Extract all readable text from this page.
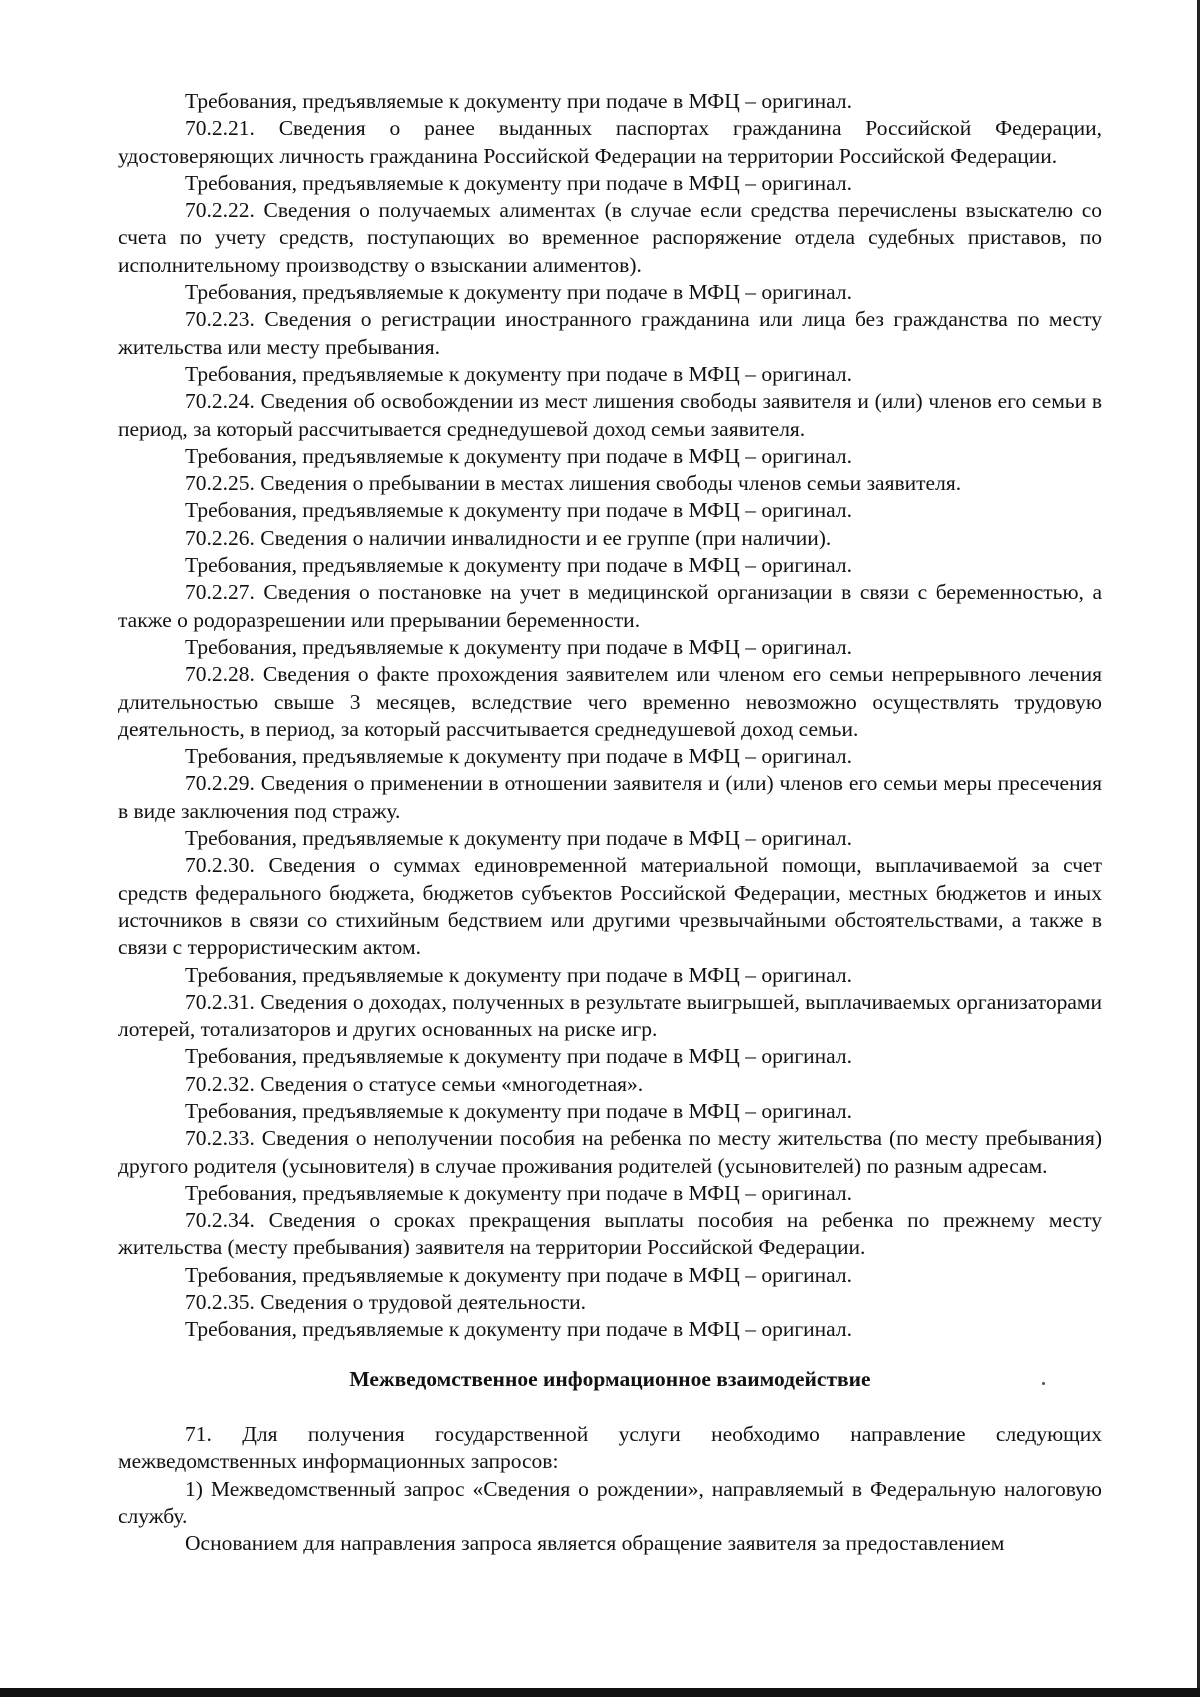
Требования, предъявляемые к документу при подаче в МФЦ – оригинал.

70.2.21. Сведения о ранее выданных паспортах гражданина Российской Федерации, удостоверяющих личность гражданина Российской Федерации на территории Российской Федерации.

Требования, предъявляемые к документу при подаче в МФЦ – оригинал.

70.2.22. Сведения о получаемых алиментах (в случае если средства перечислены взыскателю со счета по учету средств, поступающих во временное распоряжение отдела судебных приставов, по исполнительному производству о взыскании алиментов).

Требования, предъявляемые к документу при подаче в МФЦ – оригинал.

70.2.23. Сведения о регистрации иностранного гражданина или лица без гражданства по месту жительства или месту пребывания.

Требования, предъявляемые к документу при подаче в МФЦ – оригинал.

70.2.24. Сведения об освобождении из мест лишения свободы заявителя и (или) членов его семьи в период, за который рассчитывается среднедушевой доход семьи заявителя.

Требования, предъявляемые к документу при подаче в МФЦ – оригинал.

70.2.25. Сведения о пребывании в местах лишения свободы членов семьи заявителя.

Требования, предъявляемые к документу при подаче в МФЦ – оригинал.

70.2.26. Сведения о наличии инвалидности и ее группе (при наличии).

Требования, предъявляемые к документу при подаче в МФЦ – оригинал.

70.2.27. Сведения о постановке на учет в медицинской организации в связи с беременностью, а также о родоразрешении или прерывании беременности.

Требования, предъявляемые к документу при подаче в МФЦ – оригинал.

70.2.28. Сведения о факте прохождения заявителем или членом его семьи непрерывного лечения длительностью свыше 3 месяцев, вследствие чего временно невозможно осуществлять трудовую деятельность, в период, за который рассчитывается среднедушевой доход семьи.

Требования, предъявляемые к документу при подаче в МФЦ – оригинал.

70.2.29. Сведения о применении в отношении заявителя и (или) членов его семьи меры пресечения в виде заключения под стражу.

Требования, предъявляемые к документу при подаче в МФЦ – оригинал.

70.2.30. Сведения о суммах единовременной материальной помощи, выплачиваемой за счет средств федерального бюджета, бюджетов субъектов Российской Федерации, местных бюджетов и иных источников в связи со стихийным бедствием или другими чрезвычайными обстоятельствами, а также в связи с террористическим актом.

Требования, предъявляемые к документу при подаче в МФЦ – оригинал.

70.2.31. Сведения о доходах, полученных в результате выигрышей, выплачиваемых организаторами лотерей, тотализаторов и других основанных на риске игр.

Требования, предъявляемые к документу при подаче в МФЦ – оригинал.

70.2.32. Сведения о статусе семьи «многодетная».

Требования, предъявляемые к документу при подаче в МФЦ – оригинал.

70.2.33. Сведения о неполучении пособия на ребенка по месту жительства (по месту пребывания) другого родителя (усыновителя) в случае проживания родителей (усыновителей) по разным адресам.

Требования, предъявляемые к документу при подаче в МФЦ – оригинал.

70.2.34. Сведения о сроках прекращения выплаты пособия на ребенка по прежнему месту жительства (месту пребывания) заявителя на территории Российской Федерации.

Требования, предъявляемые к документу при подаче в МФЦ – оригинал.

70.2.35. Сведения о трудовой деятельности.

Требования, предъявляемые к документу при подаче в МФЦ – оригинал.

Межведомственное информационное взаимодействие

71. Для получения государственной услуги необходимо направление следующих межведомственных информационных запросов:

1) Межведомственный запрос «Сведения о рождении», направляемый в Федеральную налоговую службу.

Основанием для направления запроса является обращение заявителя за предоставлением
